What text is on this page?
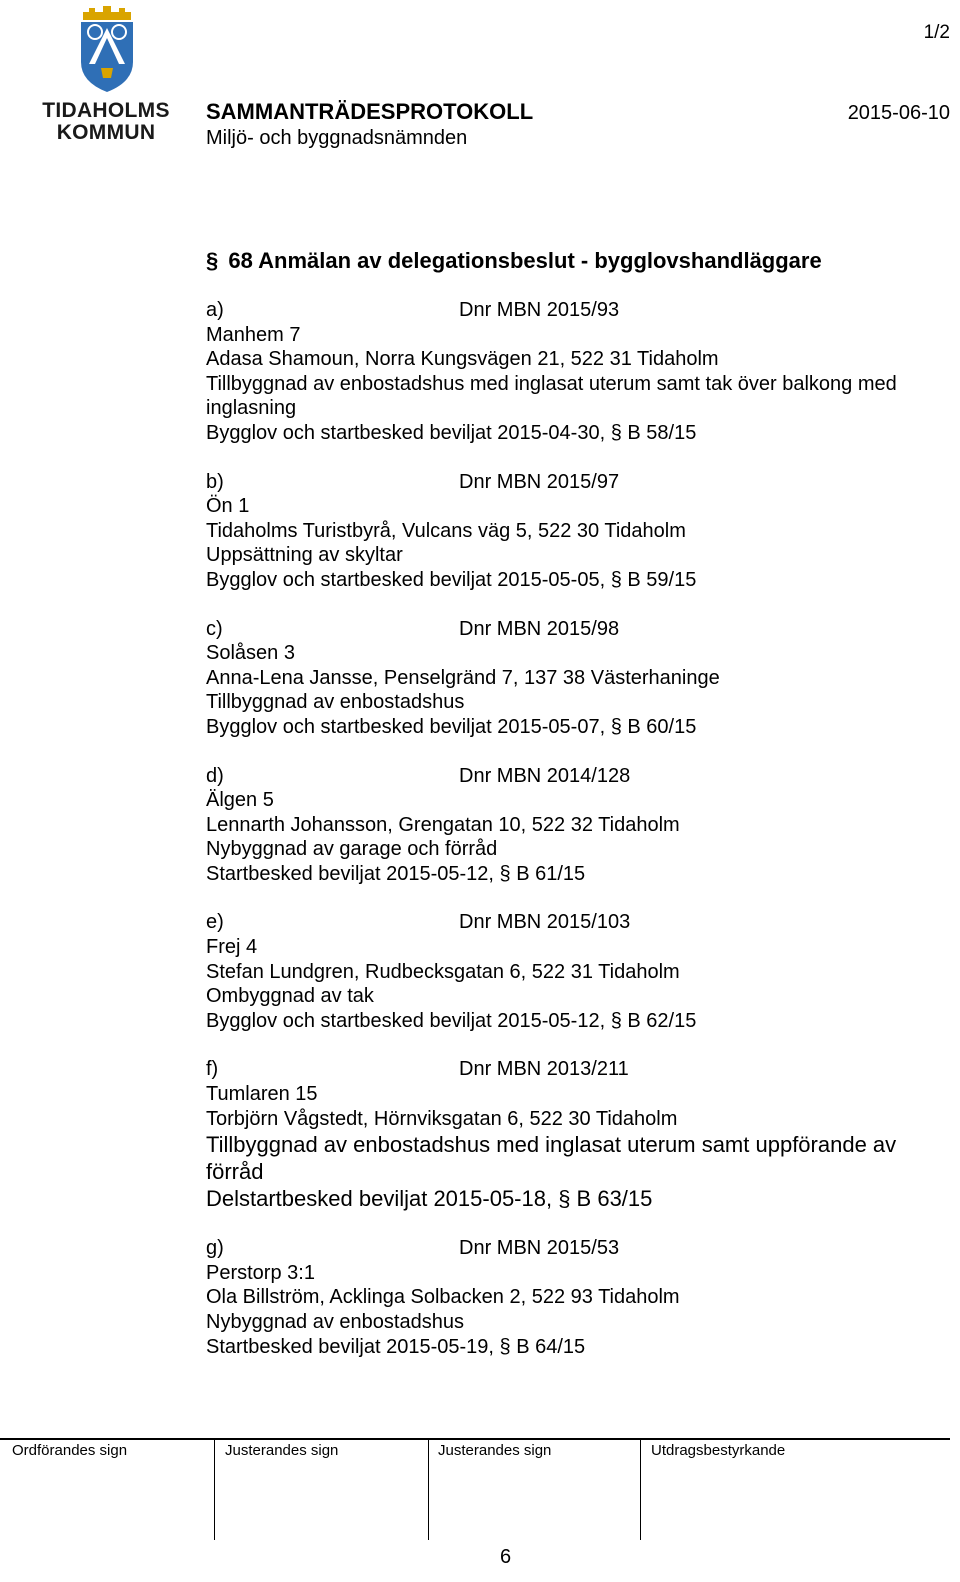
TIDAHOLMS
KOMMUN
1/2
SAMMANTRÄDESPROTOKOLL	2015-06-10
Miljö- och byggnadsnämnden
§ 68 Anmälan av delegationsbeslut - bygglovshandläggare
a)	Dnr MBN 2015/93
Manhem 7
Adasa Shamoun, Norra Kungsvägen 21, 522 31 Tidaholm
Tillbyggnad av enbostadshus med inglasat uterum samt tak över balkong med inglasning
Bygglov och startbesked beviljat 2015-04-30, § B 58/15
b)	Dnr MBN 2015/97
Ön 1
Tidaholms Turistbyrå, Vulcans väg 5, 522 30 Tidaholm
Uppsättning av skyltar
Bygglov och startbesked beviljat 2015-05-05, § B 59/15
c)	Dnr MBN 2015/98
Solåsen 3
Anna-Lena Jansse, Penselgränd 7, 137 38 Västerhaninge
Tillbyggnad av enbostadshus
Bygglov och startbesked beviljat 2015-05-07, § B 60/15
d)	Dnr MBN 2014/128
Älgen 5
Lennarth Johansson, Grengatan 10, 522 32 Tidaholm
Nybyggnad av garage och förråd
Startbesked beviljat 2015-05-12, § B 61/15
e)	Dnr MBN 2015/103
Frej 4
Stefan Lundgren, Rudbecksgatan 6, 522 31 Tidaholm
Ombyggnad av tak
Bygglov och startbesked beviljat 2015-05-12, § B 62/15
f)	Dnr MBN 2013/211
Tumlaren 15
Torbjörn Vågstedt, Hörnviksgatan 6, 522 30 Tidaholm
Tillbyggnad av enbostadshus med inglasat uterum samt uppförande av förråd
Delstartbesked beviljat 2015-05-18, § B 63/15
g)	Dnr MBN 2015/53
Perstorp 3:1
Ola Billström, Acklinga Solbacken 2, 522 93 Tidaholm
Nybyggnad av enbostadshus
Startbesked beviljat 2015-05-19, § B 64/15
Ordförandes sign	Justerandes sign	Justerandes sign	Utdragsbestyrkande
6
